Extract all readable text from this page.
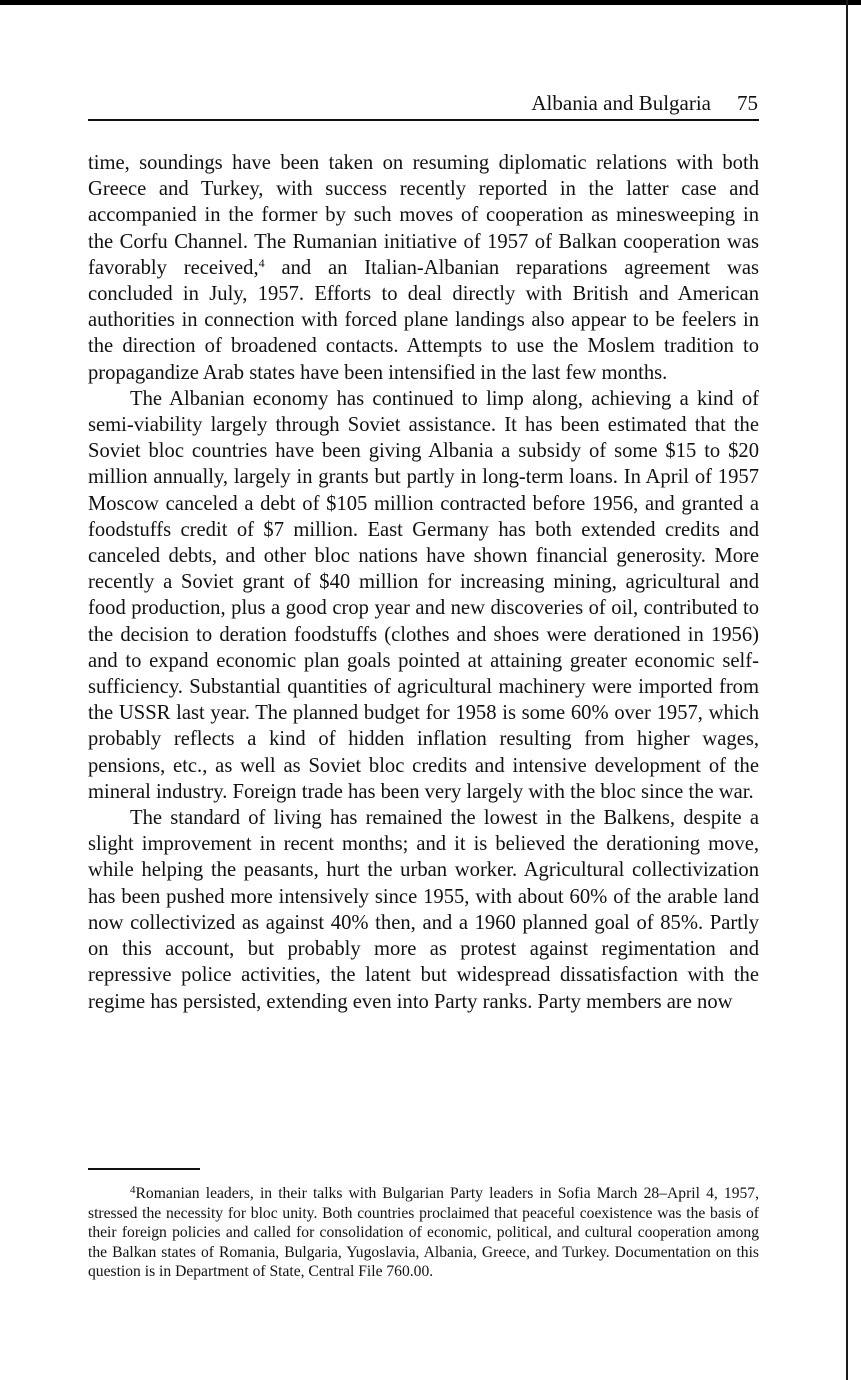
Albania and Bulgaria 75

time, soundings have been taken on resuming diplomatic relations with both Greece and Turkey, with success recently reported in the latter case and accompanied in the former by such moves of cooperation as minesweeping in the Corfu Channel. The Rumanian initiative of 1957 of Balkan cooperation was favorably received,$^4$ and an Italian-Albanian reparations agreement was concluded in July, 1957. Efforts to deal directly with British and American authorities in connection with forced plane landings also appear to be feelers in the direction of broadened contacts. Attempts to use the Moslem tradition to propagandize Arab states have been intensified in the last few months.

The Albanian economy has continued to limp along, achieving a kind of semi-viability largely through Soviet assistance. It has been estimated that the Soviet bloc countries have been giving Albania a subsidy of some $15 to $20 million annually, largely in grants but partly in long-term loans. In April of 1957 Moscow canceled a debt of $105 million contracted before 1956, and granted a foodstuffs credit of $7 million. East Germany has both extended credits and canceled debts, and other bloc nations have shown financial generosity. More recently a Soviet grant of $40 million for increasing mining, agricultural and food production, plus a good crop year and new discoveries of oil, contributed to the decision to deration foodstuffs (clothes and shoes were derationed in 1956) and to expand economic plan goals pointed at attaining greater economic self-sufficiency. Substantial quantities of agricultural machinery were imported from the USSR last year. The planned budget for 1958 is some 60% over 1957, which probably reflects a kind of hidden inflation resulting from higher wages, pensions, etc., as well as Soviet bloc credits and intensive development of the mineral industry. Foreign trade has been very largely with the bloc since the war.

The standard of living has remained the lowest in the Balkens, despite a slight improvement in recent months; and it is believed the derationing move, while helping the peasants, hurt the urban worker. Agricultural collectivization has been pushed more intensively since 1955, with about 60% of the arable land now collectivized as against 40% then, and a 1960 planned goal of 85%. Partly on this account, but probably more as protest against regimentation and repressive police activities, the latent but widespread dissatisfaction with the regime has persisted, extending even into Party ranks. Party members are now

$^4$Romanian leaders, in their talks with Bulgarian Party leaders in Sofia March 28–April 4, 1957, stressed the necessity for bloc unity. Both countries proclaimed that peaceful coexistence was the basis of their foreign policies and called for consolidation of economic, political, and cultural cooperation among the Balkan states of Romania, Bulgaria, Yugoslavia, Albania, Greece, and Turkey. Documentation on this question is in Department of State, Central File 760.00.
